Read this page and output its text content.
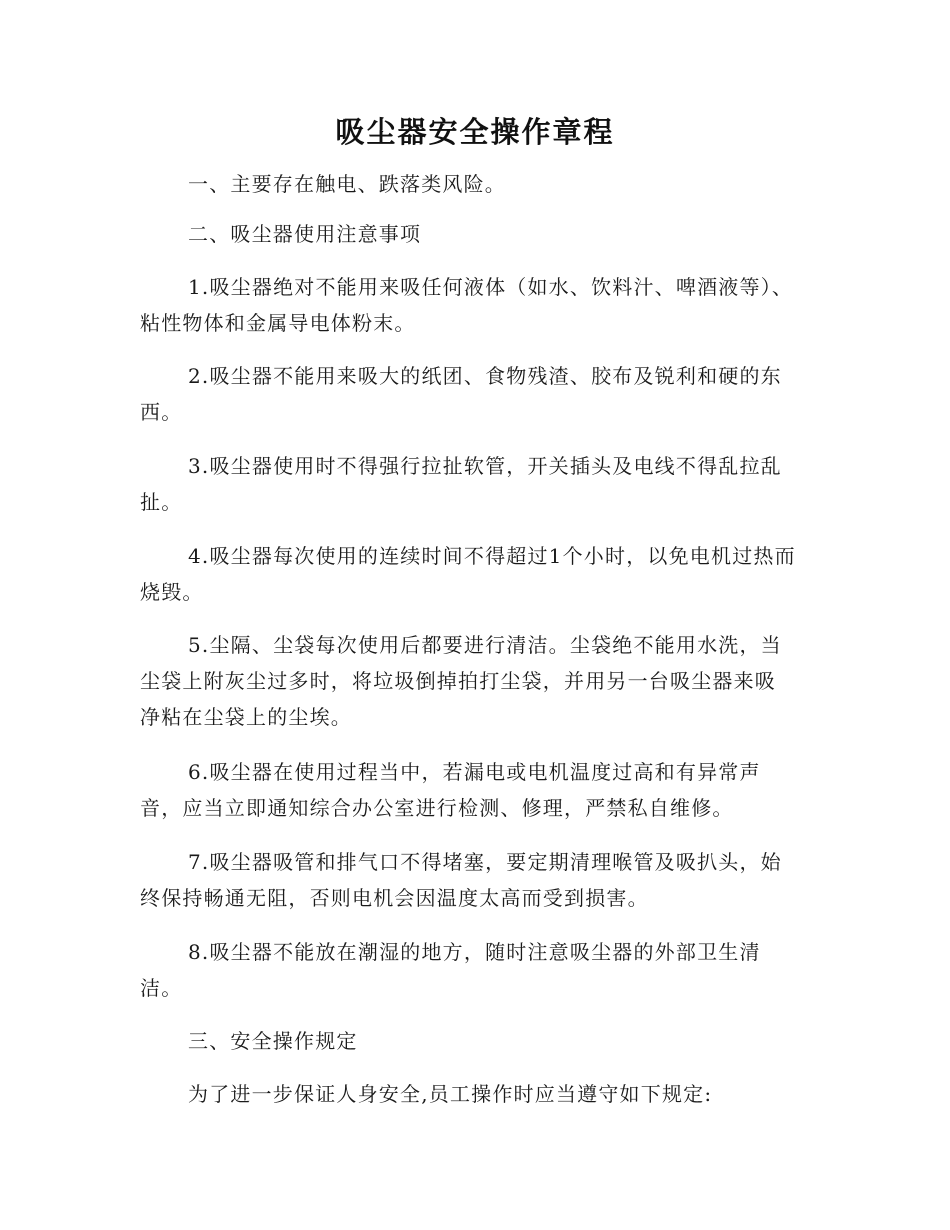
吸尘器安全操作章程

一、主要存在触电、跌落类风险。

二、吸尘器使用注意事项

1.吸尘器绝对不能用来吸任何液体（如水、饮料汁、啤酒液等）、粘性物体和金属导电体粉末。

2.吸尘器不能用来吸大的纸团、食物残渣、胶布及锐利和硬的东西。

3.吸尘器使用时不得强行拉扯软管，开关插头及电线不得乱拉乱扯。

4.吸尘器每次使用的连续时间不得超过1个小时，以免电机过热而烧毁。

5.尘隔、尘袋每次使用后都要进行清洁。尘袋绝不能用水洗，当尘袋上附灰尘过多时，将垃圾倒掉拍打尘袋，并用另一台吸尘器来吸净粘在尘袋上的尘埃。

6.吸尘器在使用过程当中，若漏电或电机温度过高和有异常声音，应当立即通知综合办公室进行检测、修理，严禁私自维修。

7.吸尘器吸管和排气口不得堵塞，要定期清理喉管及吸扒头，始终保持畅通无阻，否则电机会因温度太高而受到损害。

8.吸尘器不能放在潮湿的地方，随时注意吸尘器的外部卫生清洁。

三、安全操作规定

为了进一步保证人身安全,员工操作时应当遵守如下规定:
